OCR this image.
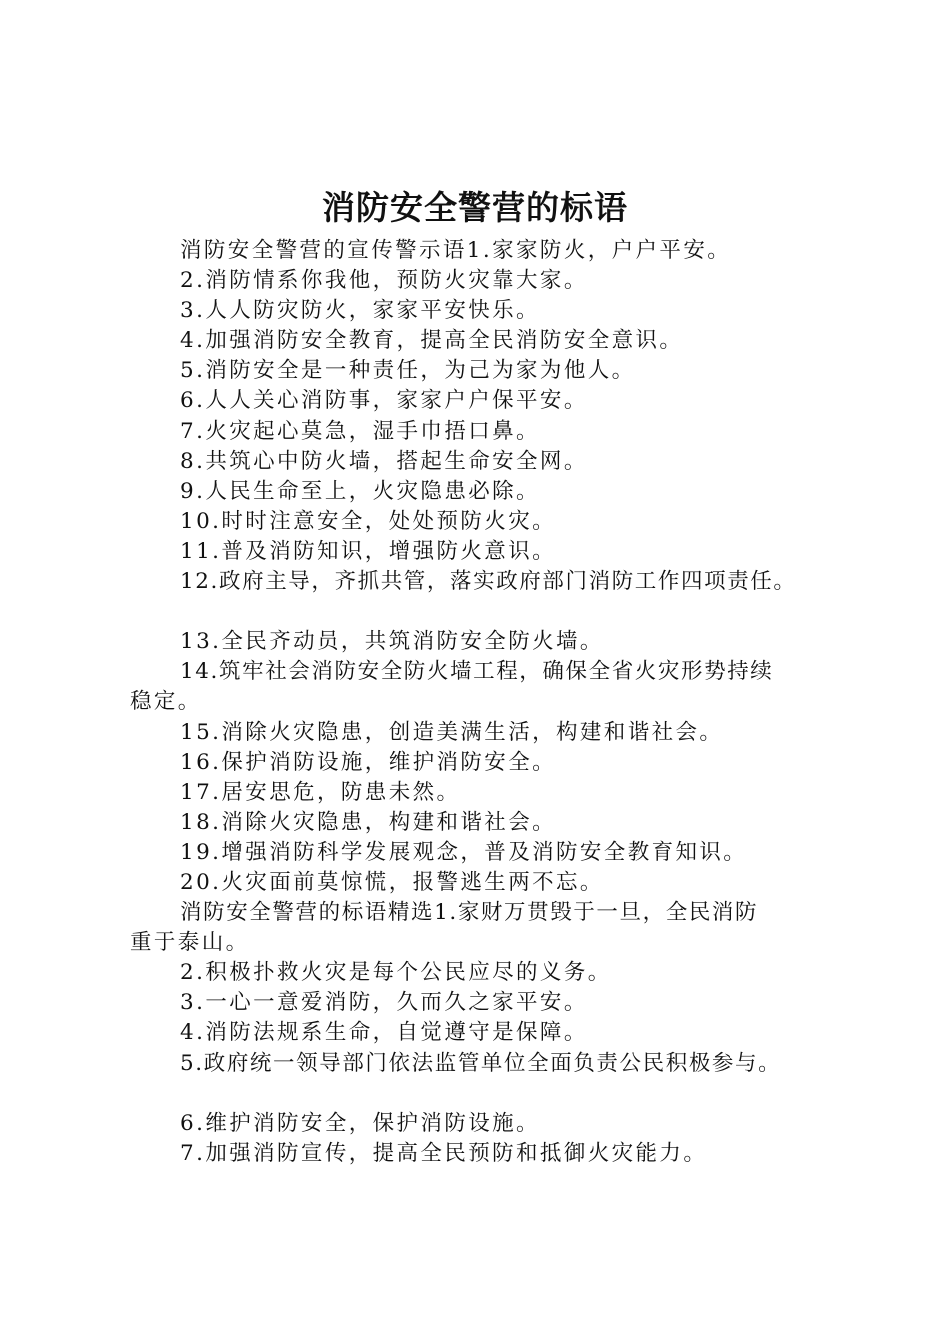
消防安全警营的标语
消防安全警营的宣传警示语1.家家防火，户户平安。
2.消防情系你我他，预防火灾靠大家。
3.人人防灾防火，家家平安快乐。
4.加强消防安全教育，提高全民消防安全意识。
5.消防安全是一种责任，为己为家为他人。
6.人人关心消防事，家家户户保平安。
7.火灾起心莫急，湿手巾捂口鼻。
8.共筑心中防火墙，搭起生命安全网。
9.人民生命至上，火灾隐患必除。
10.时时注意安全，处处预防火灾。
11.普及消防知识，增强防火意识。
12.政府主导，齐抓共管，落实政府部门消防工作四项责任。
13.全民齐动员，共筑消防安全防火墙。
14.筑牢社会消防安全防火墙工程，确保全省火灾形势持续
稳定。
15.消除火灾隐患，创造美满生活，构建和谐社会。
16.保护消防设施，维护消防安全。
17.居安思危，防患未然。
18.消除火灾隐患，构建和谐社会。
19.增强消防科学发展观念，普及消防安全教育知识。
20.火灾面前莫惊慌，报警逃生两不忘。
消防安全警营的标语精选1.家财万贯毁于一旦，全民消防
重于泰山。
2.积极扑救火灾是每个公民应尽的义务。
3.一心一意爱消防，久而久之家平安。
4.消防法规系生命，自觉遵守是保障。
5.政府统一领导部门依法监管单位全面负责公民积极参与。
6.维护消防安全，保护消防设施。
7.加强消防宣传，提高全民预防和抵御火灾能力。
